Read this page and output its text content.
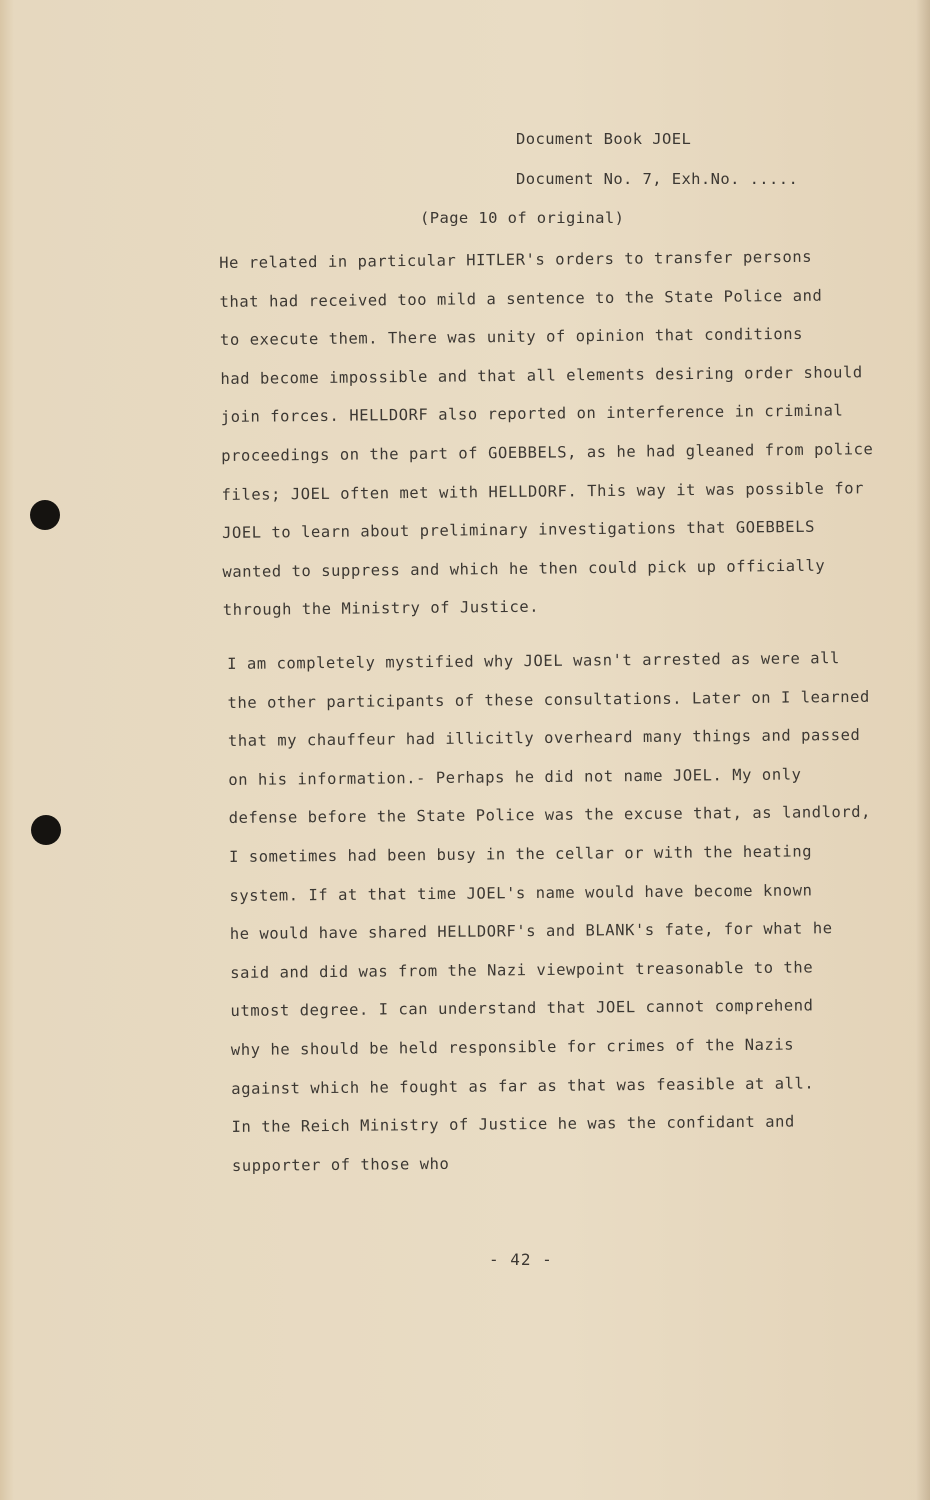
Document Book JOEL
Document No. 7, Exh.No. .....
(Page 10 of original)
He related in particular HITLER's orders to transfer persons
that had received too mild a sentence to the State Police and
to execute them. There was unity of opinion that conditions
had become impossible and that all elements desiring order should
join forces. HELLDORF also reported on interference in criminal
proceedings on the part of GOEBBELS, as he had gleaned from police
files; JOEL often met with HELLDORF. This way it was possible for
JOEL to learn about preliminary investigations that GOEBBELS
wanted to suppress and which he then could pick up officially
through the Ministry of Justice.
I am completely mystified why JOEL wasn't arrested as were all
the other participants of these consultations. Later on I learned
that my chauffeur had illicitly overheard many things and passed
on his information.- Perhaps he did not name JOEL. My only
defense before the State Police was the excuse that, as landlord,
I sometimes had been busy in the cellar or with the heating
system. If at that time JOEL's name would have become known
he would have shared HELLDORF's and BLANK's fate, for what he
said and did was from the Nazi viewpoint treasonable to the
utmost degree. I can understand that JOEL cannot comprehend
why he should be held responsible for crimes of the Nazis
against which he fought as far as that was feasible at all.
In the Reich Ministry of Justice he was the confidant and
supporter of those who
- 42 -
